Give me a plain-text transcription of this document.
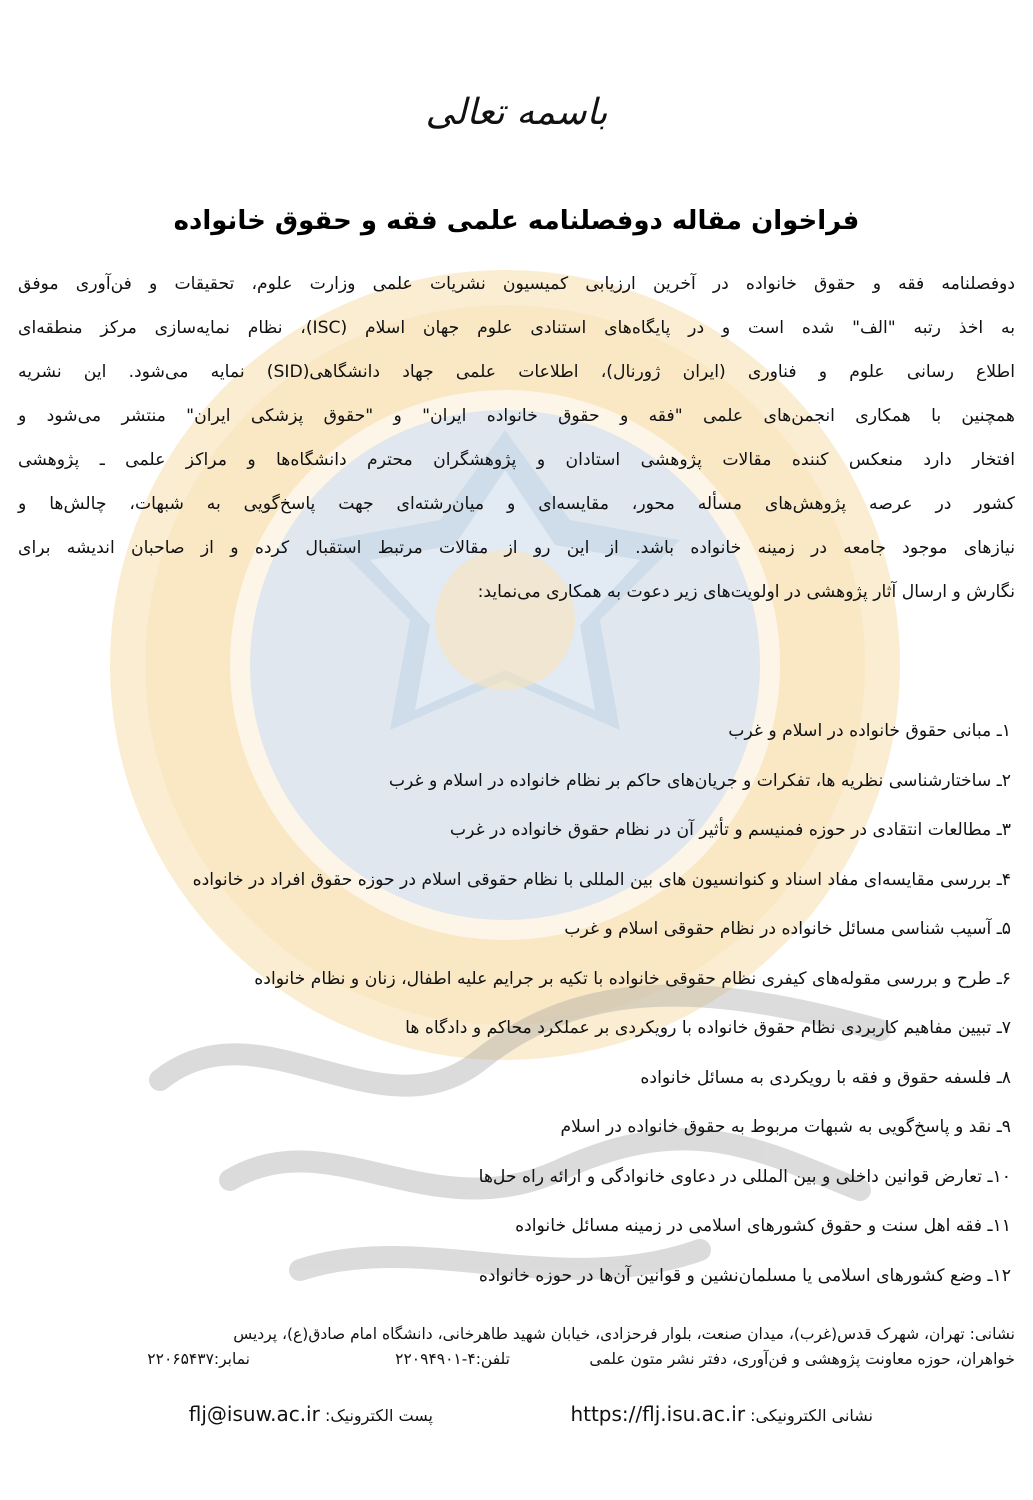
باسمه تعالی
فراخوان مقاله دوفصلنامه علمی فقه و حقوق خانواده
دوفصلنامه فقه و حقوق خانواده در آخرین ارزیابی کمیسیون نشریات علمی وزارت علوم، تحقیقات و فن‌آوری موفق
به اخذ رتبه "الف" شده است و در پایگاه‌های استنادی علوم جهان اسلام (ISC)، نظام نمایه‌سازی مرکز منطقه‌ای
اطلاع رسانی علوم و فناوری (ایران ژورنال)، اطلاعات علمی جهاد دانشگاهی(SID) نمایه می‌شود. این نشریه
همچنین با همکاری انجمن‌های علمی "فقه و حقوق خانواده ایران" و "حقوق پزشکی ایران" منتشر می‌شود و
افتخار دارد منعکس کننده مقالات پژوهشی استادان و پژوهشگران محترم دانشگاه‌ها و مراکز علمی ـ پژوهشی
کشور در عرصه پژوهش‌های مسأله محور، مقایسه‌ای و میان‌رشته‌ای جهت پاسخ‌گویی به شبهات، چالش‌ها و
نیازهای موجود جامعه در زمینه خانواده باشد. از این رو از مقالات مرتبط استقبال کرده و از صاحبان اندیشه برای
نگارش و ارسال آثار پژوهشی در اولویت‌های زیر دعوت به همکاری می‌نماید:
۱ـ مبانی حقوق خانواده در اسلام و غرب
۲ـ ساختارشناسی نظریه ها، تفکرات و جریان‌های حاکم بر نظام خانواده در اسلام و غرب
۳ـ مطالعات انتقادی در حوزه فمنیسم و تأثیر آن در نظام حقوق خانواده در غرب
۴ـ بررسی مقایسه‌ای مفاد اسناد و کنوانسیون های بین المللی با نظام حقوقی اسلام در حوزه حقوق افراد در خانواده
۵ـ آسیب شناسی مسائل خانواده در نظام حقوقی اسلام و غرب
۶ـ طرح و بررسی مقوله‌های کیفری نظام حقوقی خانواده با تکیه بر جرایم علیه اطفال، زنان و نظام خانواده
۷ـ تبیین مفاهیم کاربردی نظام حقوق خانواده با رویکردی بر عملکرد محاکم و دادگاه ها
۸ـ فلسفه حقوق و فقه با رویکردی به مسائل خانواده
۹ـ نقد و پاسخ‌گویی به شبهات مربوط به حقوق خانواده در اسلام
۱۰ـ تعارض قوانین داخلی و بین المللی در دعاوی خانوادگی و ارائه راه حل‌ها
۱۱ـ فقه اهل سنت و حقوق کشورهای اسلامی در زمینه مسائل خانواده
۱۲ـ وضع کشورهای اسلامی یا مسلمان‌نشین و قوانین آن‌ها در حوزه خانواده
نشانی: تهران، شهرک قدس(غرب)، میدان صنعت، بلوار فرحزادی، خیابان شهید طاهرخانی، دانشگاه امام صادق(ع)، پردیس
خواهران، حوزه معاونت پژوهشی و فن‌آوری، دفتر نشر متون علمی
تلفن:۴-۲۲۰۹۴۹۰۱
نمابر:۲۲۰۶۵۴۳۷
نشانی الکترونیکی: https://flj.isu.ac.ir
پست الکترونیک: flj@isuw.ac.ir
